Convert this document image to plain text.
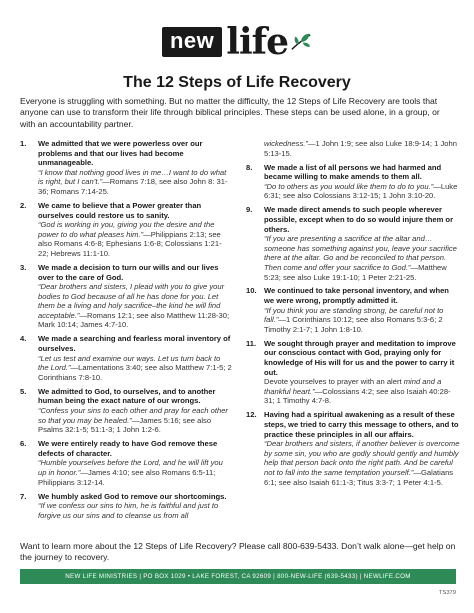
new life
The 12 Steps of Life Recovery

Everyone is struggling with something. But no matter the difficulty, the 12 Steps of Life Recovery are tools that anyone can use to transform their life through biblical principles. These steps can be used alone, in a group, or with an accountability partner.

1. We admitted that we were powerless over our problems and that our lives had become unmanageable.
“I know that nothing good lives in me…I want to do what is right, but I can’t.”—Romans 7:18, see also John 8: 31-36; Romans 7:14-25.
2. We came to believe that a Power greater than ourselves could restore us to sanity.
“God is working in you, giving you the desire and the power to do what pleases him.”—Philippians 2:13; see also Romans 4:6-8; Ephesians 1:6-8; Colossians 1:21-22; Hebrews 11:1-10.
3. We made a decision to turn our wills and our lives over to the care of God.
“Dear brothers and sisters, I plead with you to give your bodies to God because of all he has done for you. Let them be a living and holy sacrifice–the kind he will find acceptable.”—Romans 12:1; see also Matthew 11:28-30; Mark 10:14; James 4:7-10.
4. We made a searching and fearless moral inventory of ourselves.
“Let us test and examine our ways. Let us turn back to the Lord.”—Lamentations 3:40; see also Matthew 7:1-5; 2 Corinthians 7:8-10.
5. We admitted to God, to ourselves, and to another human being the exact nature of our wrongs.
“Confess your sins to each other and pray for each other so that you may be healed.”—James 5:16; see also Psalms 32:1-5; 51:1-3; 1 John 1:2-6.
6. We were entirely ready to have God remove these defects of character.
“Humble yourselves before the Lord, and he will lift you up in honor.”—James 4:10; see also Romans 6:5-11; Philippians 3:12-14.
7. We humbly asked God to remove our shortcomings.
“If we confess our sins to him, he is faithful and just to forgive us our sins and to cleanse us from all
wickedness.”—1 John 1:9; see also Luke 18:9-14; 1 John 5:13-15.
8. We made a list of all persons we had harmed and became willing to make amends to them all.
“Do to others as you would like them to do to you.”—Luke 6:31; see also Colossians 3:12-15; 1 John 3:10-20.
9. We made direct amends to such people wherever possible, except when to do so would injure them or others.
“If you are presenting a sacrifice at the altar and… someone has something against you, leave your sacrifice there at the altar. Go and be reconciled to that person. Then come and offer your sacrifice to God.”—Matthew 5:23; see also Luke 19:1-10; 1 Peter 2:21-25.
10. We continued to take personal inventory, and when we were wrong, promptly admitted it.
“If you think you are standing strong, be careful not to fall.”—1 Corinthians 10:12; see also Romans 5:3-6; 2 Timothy 2:1-7; 1 John 1:8-10.
11. We sought through prayer and meditation to improve our conscious contact with God, praying only for knowledge of His will for us and the power to carry it out.
Devote yourselves to prayer with an alert mind and a thankful heart.”—Colossians 4:2; see also Isaiah 40:28-31; 1 Timothy 4:7-8.
12. Having had a spiritual awakening as a result of these steps, we tried to carry this message to others, and to practice these principles in all our affairs.
“Dear brothers and sisters, if another believer is overcome by some sin, you who are godly should gently and humbly help that person back onto the right path. And be careful not to fall into the same temptation yourself.”—Galatians 6:1; see also Isaiah 61:1-3; Titus 3:3-7; 1 Peter 4:1-5.

Want to learn more about the 12 Steps of Life Recovery? Please call 800-639-5433. Don’t walk alone—get help on the journey to recovery.

NEW LIFE MINISTRIES | PO BOX 1029 • LAKE FOREST, CA 92609 | 800-NEW-LIFE (639-5433) | NEWLIFE.COM
TS379
